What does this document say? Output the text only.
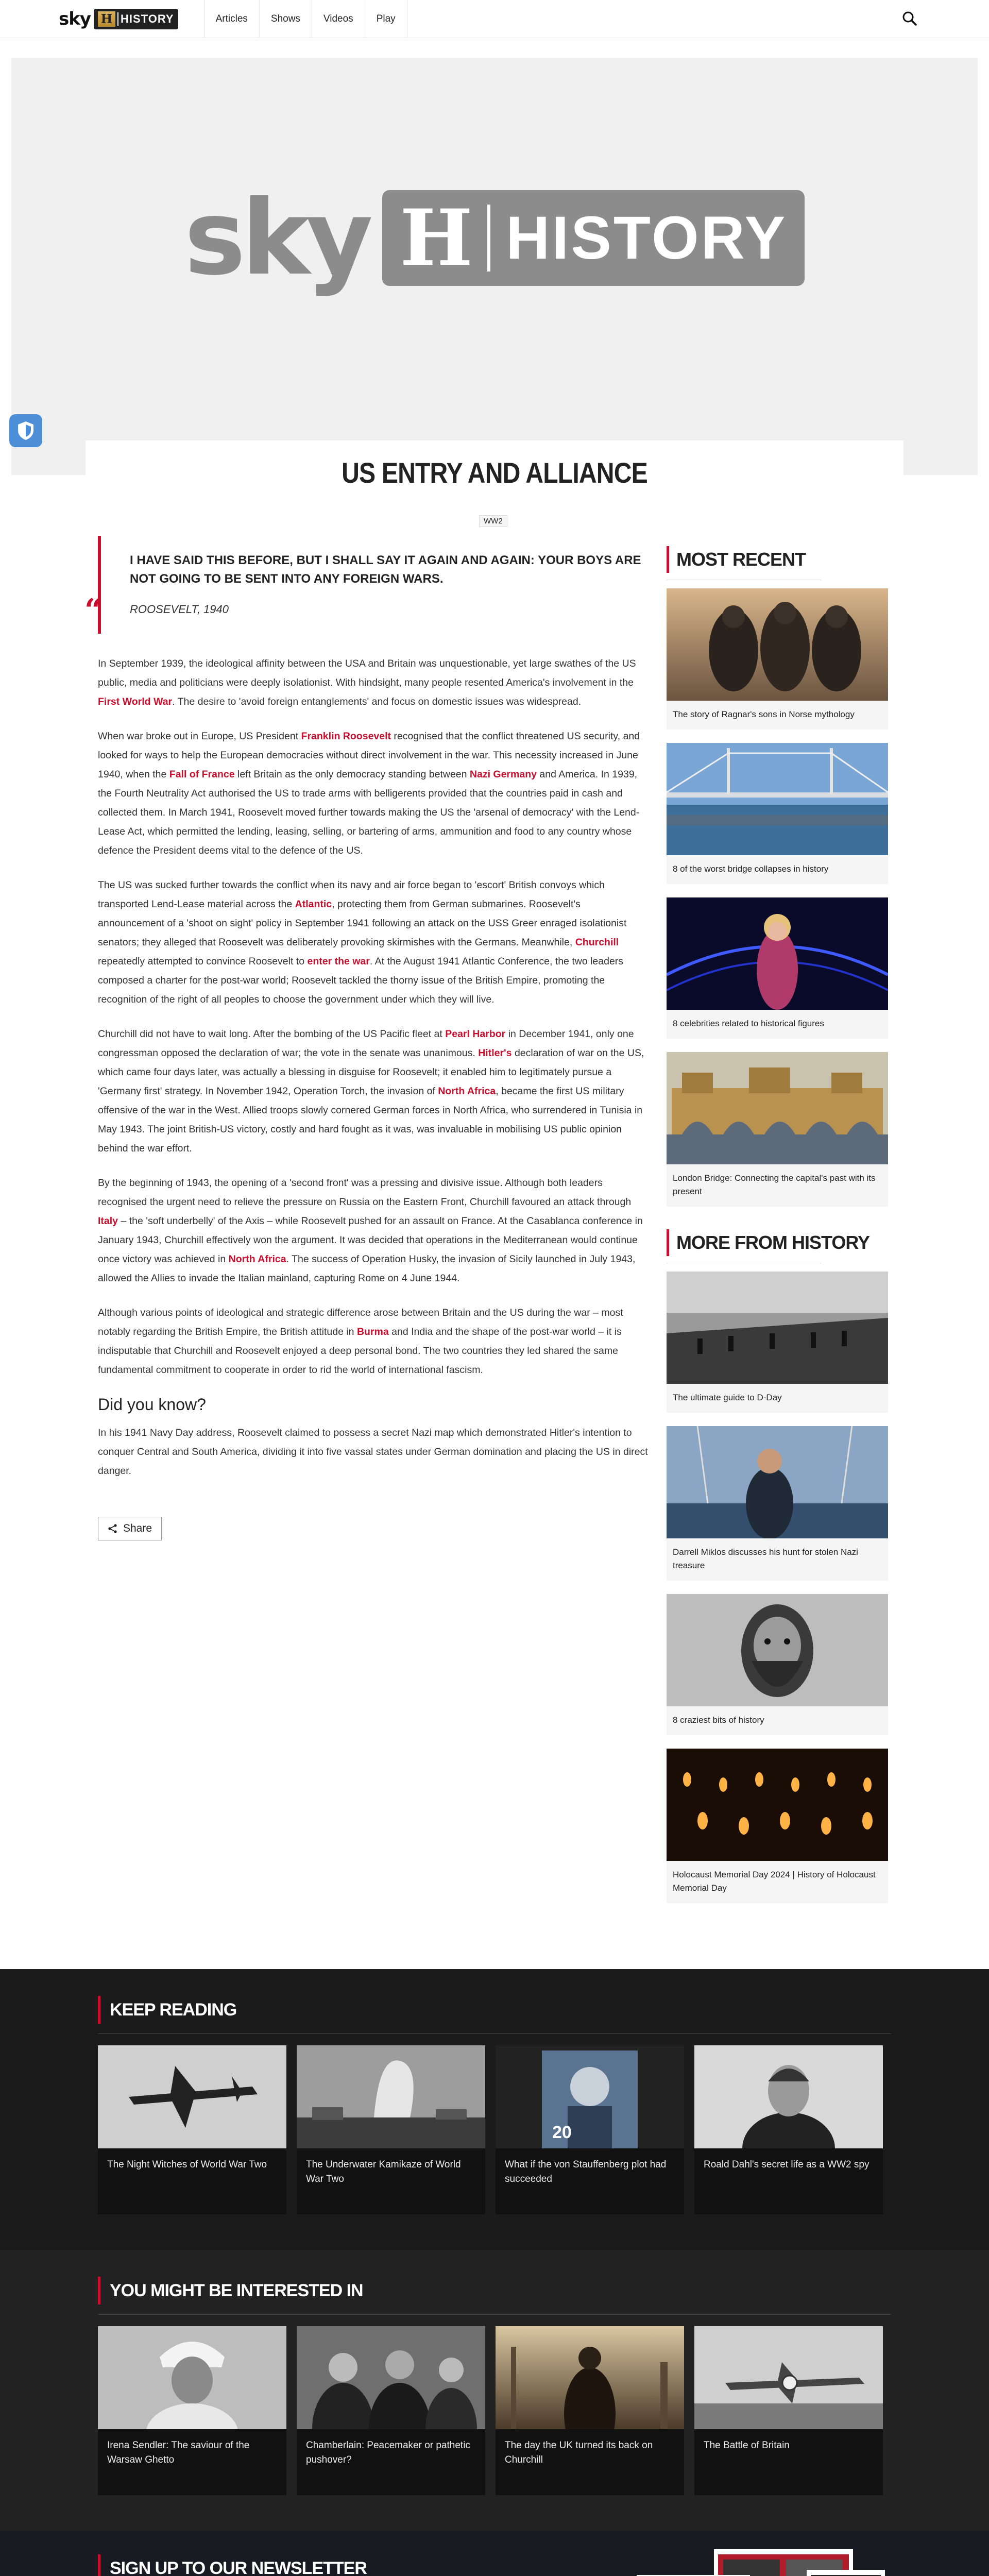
sky H HISTORY	Articles	Shows	Videos	Play
sky H HISTORY
US ENTRY AND ALLIANCE
WW2
“

I HAVE SAID THIS BEFORE, BUT I SHALL SAY IT AGAIN AND AGAIN: YOUR BOYS ARE NOT GOING TO BE SENT INTO ANY FOREIGN WARS.

ROOSEVELT, 1940

In September 1939, the ideological affinity between the USA and Britain was unquestionable, yet large swathes of the US public, media and politicians were deeply isolationist. With hindsight, many people resented America's involvement in the First World War. The desire to 'avoid foreign entanglements' and focus on domestic issues was widespread.

When war broke out in Europe, US President Franklin Roosevelt recognised that the conflict threatened US security, and looked for ways to help the European democracies without direct involvement in the war. This necessity increased in June 1940, when the Fall of France left Britain as the only democracy standing between Nazi Germany and America. In 1939, the Fourth Neutrality Act authorised the US to trade arms with belligerents provided that the countries paid in cash and collected them. In March 1941, Roosevelt moved further towards making the US the 'arsenal of democracy' with the Lend-Lease Act, which permitted the lending, leasing, selling, or bartering of arms, ammunition and food to any country whose defence the President deems vital to the defence of the US.

The US was sucked further towards the conflict when its navy and air force began to 'escort' British convoys which transported Lend-Lease material across the Atlantic, protecting them from German submarines. Roosevelt's announcement of a 'shoot on sight' policy in September 1941 following an attack on the USS Greer enraged isolationist senators; they alleged that Roosevelt was deliberately provoking skirmishes with the Germans. Meanwhile, Churchill repeatedly attempted to convince Roosevelt to enter the war. At the August 1941 Atlantic Conference, the two leaders composed a charter for the post-war world; Roosevelt tackled the thorny issue of the British Empire, promoting the recognition of the right of all peoples to choose the government under which they will live.

Churchill did not have to wait long. After the bombing of the US Pacific fleet at Pearl Harbor in December 1941, only one congressman opposed the declaration of war; the vote in the senate was unanimous. Hitler's declaration of war on the US, which came four days later, was actually a blessing in disguise for Roosevelt; it enabled him to legitimately pursue a 'Germany first' strategy. In November 1942, Operation Torch, the invasion of North Africa, became the first US military offensive of the war in the West. Allied troops slowly cornered German forces in North Africa, who surrendered in Tunisia in May 1943. The joint British-US victory, costly and hard fought as it was, was invaluable in mobilising US public opinion behind the war effort.

By the beginning of 1943, the opening of a 'second front' was a pressing and divisive issue. Although both leaders recognised the urgent need to relieve the pressure on Russia on the Eastern Front, Churchill favoured an attack through Italy – the 'soft underbelly' of the Axis – while Roosevelt pushed for an assault on France. At the Casablanca conference in January 1943, Churchill effectively won the argument. It was decided that operations in the Mediterranean would continue once victory was achieved in North Africa. The success of Operation Husky, the invasion of Sicily launched in July 1943, allowed the Allies to invade the Italian mainland, capturing Rome on 4 June 1944.

Although various points of ideological and strategic difference arose between Britain and the US during the war – most notably regarding the British Empire, the British attitude in Burma and India and the shape of the post-war world – it is indisputable that Churchill and Roosevelt enjoyed a deep personal bond. The two countries they led shared the same fundamental commitment to cooperate in order to rid the world of international fascism.

Did you know?

In his 1941 Navy Day address, Roosevelt claimed to possess a secret Nazi map which demonstrated Hitler's intention to conquer Central and South America, dividing it into five vassal states under German domination and placing the US in direct danger.

Share
MOST RECENT
The story of Ragnar's sons in Norse mythology
8 of the worst bridge collapses in history
8 celebrities related to historical figures
London Bridge: Connecting the capital's past with its present
MORE FROM HISTORY
The ultimate guide to D-Day
Darrell Miklos discusses his hunt for stolen Nazi treasure
8 craziest bits of history
Holocaust Memorial Day 2024 | History of Holocaust Memorial Day
KEEP READING
The Night Witches of World War Two	The Underwater Kamikaze of World War Two
20
What if the von Stauffenberg plot had succeeded
Roald Dahl's secret life as a WW2 spy
YOU MIGHT BE INTERESTED IN
Irena Sendler: The saviour of the Warsaw Ghetto
Chamberlain: Peacemaker or pathetic pushover?
The day the UK turned its back on Churchill
The Battle of Britain
SIGN UP TO OUR NEWSLETTER
